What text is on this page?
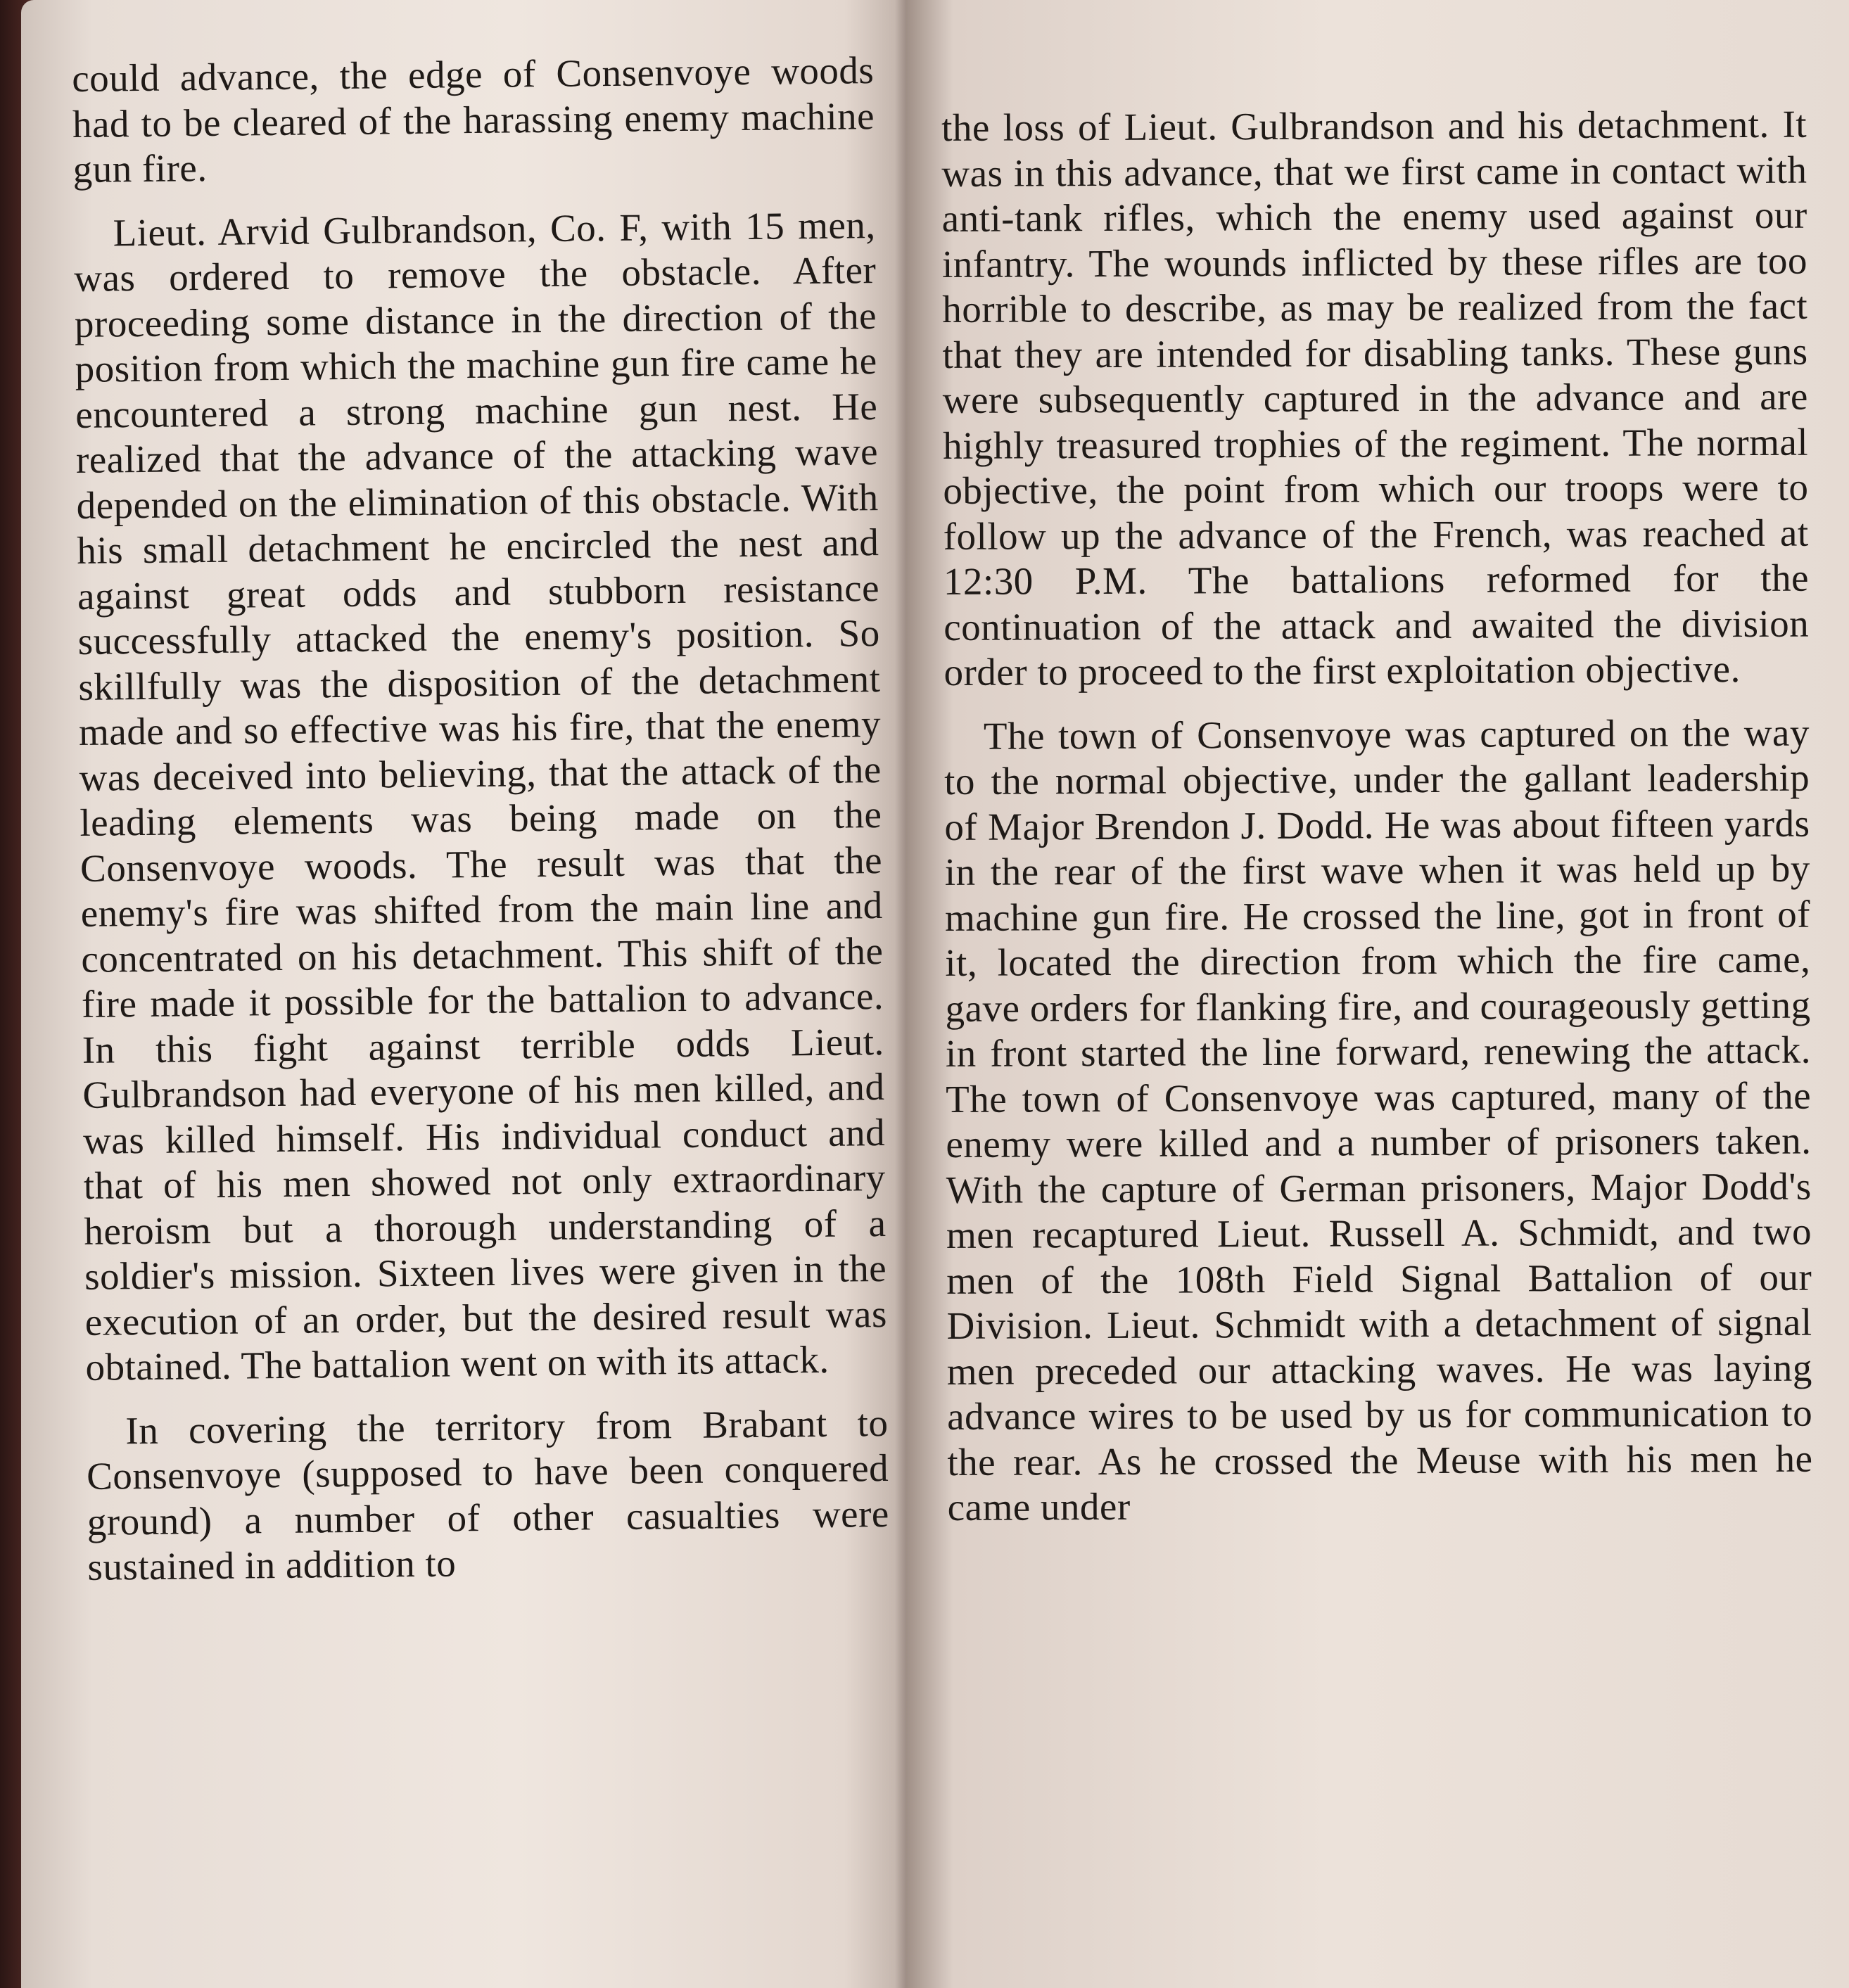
could advance, the edge of Consenvoye woods had to be cleared of the harassing enemy machine gun fire.

Lieut. Arvid Gulbrandson, Co. F, with 15 men, was ordered to remove the obstacle. After proceeding some distance in the direction of the position from which the machine gun fire came he encountered a strong machine gun nest. He realized that the advance of the attacking wave depended on the elimination of this obstacle. With his small detachment he encircled the nest and against great odds and stubborn resistance successfully attacked the enemy's position. So skillfully was the disposition of the detachment made and so effective was his fire, that the enemy was deceived into believing, that the attack of the leading elements was being made on the Consenvoye woods. The result was that the enemy's fire was shifted from the main line and concentrated on his detachment. This shift of the fire made it possible for the battalion to advance. In this fight against terrible odds Lieut. Gulbrandson had everyone of his men killed, and was killed himself. His individual conduct and that of his men showed not only extraordinary heroism but a thorough understanding of a soldier's mission. Sixteen lives were given in the execution of an order, but the desired result was obtained. The battalion went on with its attack.

In covering the territory from Brabant to Consenvoye (supposed to have been conquered ground) a number of other casualties were sustained in addition to

the loss of Lieut. Gulbrandson and his detachment. It was in this advance, that we first came in contact with anti-tank rifles, which the enemy used against our infantry. The wounds inflicted by these rifles are too horrible to describe, as may be realized from the fact that they are intended for disabling tanks. These guns were subsequently captured in the advance and are highly treasured trophies of the regiment. The normal objective, the point from which our troops were to follow up the advance of the French, was reached at 12:30 P.M. The battalions reformed for the continuation of the attack and awaited the division order to proceed to the first exploitation objective.

The town of Consenvoye was captured on the way to the normal objective, under the gallant leadership of Major Brendon J. Dodd. He was about fifteen yards in the rear of the first wave when it was held up by machine gun fire. He crossed the line, got in front of it, located the direction from which the fire came, gave orders for flanking fire, and courageously getting in front started the line forward, renewing the attack. The town of Consenvoye was captured, many of the enemy were killed and a number of prisoners taken. With the capture of German prisoners, Major Dodd's men recaptured Lieut. Russell A. Schmidt, and two men of the 108th Field Signal Battalion of our Division. Lieut. Schmidt with a detachment of signal men preceded our attacking waves. He was laying advance wires to be used by us for communication to the rear. As he crossed the Meuse with his men he came under
